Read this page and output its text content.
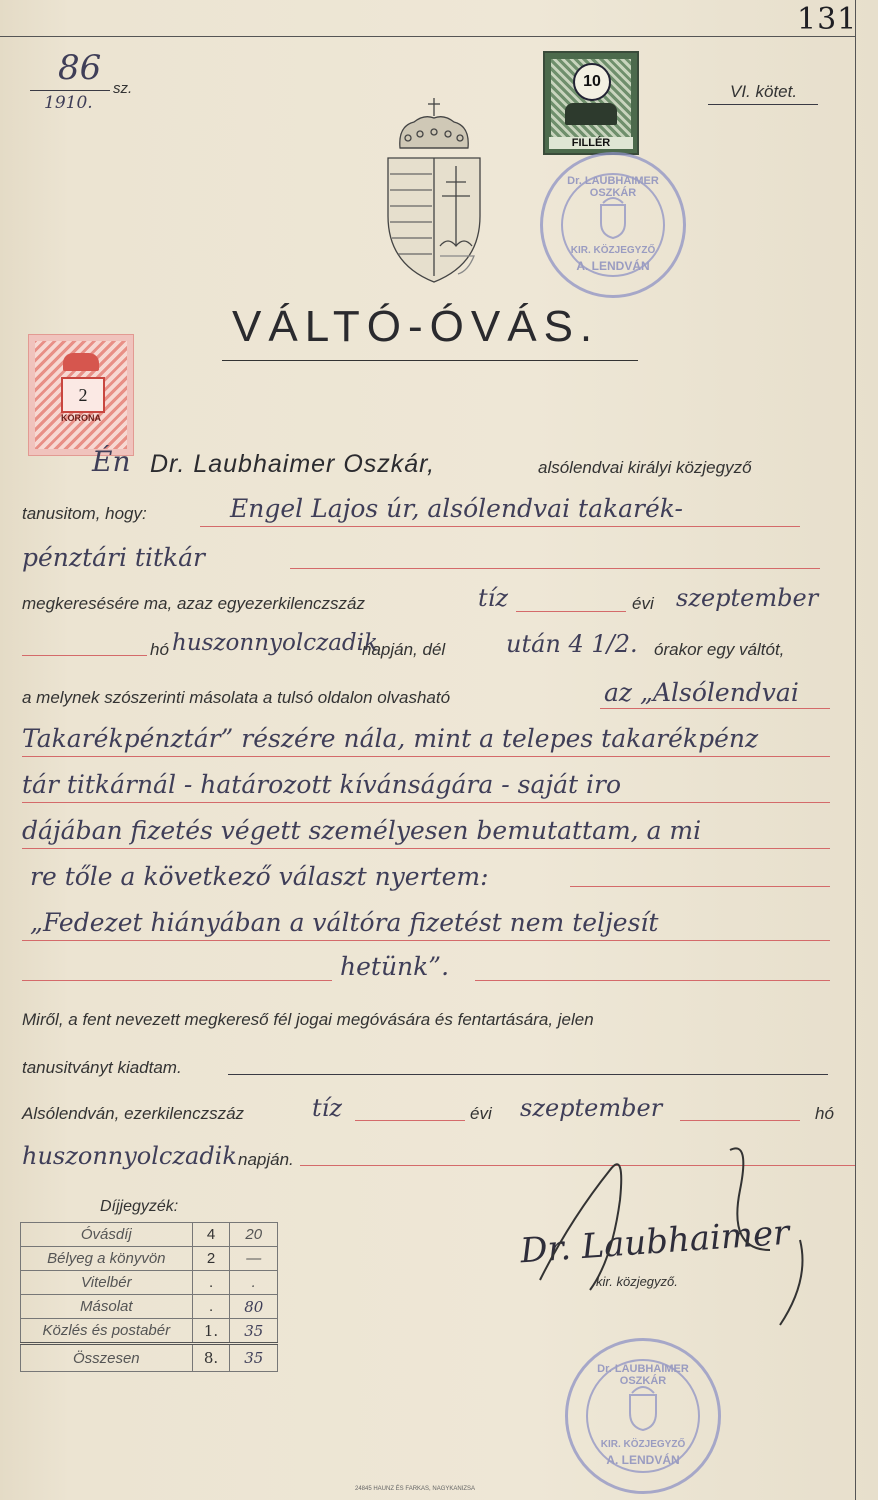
131
86
sz.
1910.
VI. kötet.
10
FILLÉR
Dr. LAUBHAIMER OSZKÁR
KIR. KÖZJEGYZŐ
A. LENDVÁN
2
KORONA
VÁLTÓ-ÓVÁS.
Én Dr. Laubhaimer Oszkár,	alsólendvai királyi közjegyző
tanusitom, hogy:	Engel Lajos úr, alsólendvai takarék-
pénztári titkár
megkeresésére ma, azaz egyezerkilenczszáz	tíz	évi szeptember
hó huszonnyolczadik
napján, dél	után 4 1/2. órakor egy váltót,
a melynek szószerinti másolata a tulsó oldalon olvasható	az „Alsólendvai
Takarékpénztár” részére nála, mint a telepes takarékpénz
tár titkárnál - határozott kívánságára - saját iro
dájában fizetés végett személyesen bemutattam, a mi
re tőle a következő választ nyertem:
„Fedezet hiányában a váltóra fizetést nem teljesít
hetünk”.
Miről, a fent nevezett megkereső fél jogai megóvására és fentartására, jelen
tanusitványt kiadtam.
Alsólendván, ezerkilenczszáz	tíz	évi szeptember	hó
huszonnyolczadik napján.
Díjjegyzék:
Óvásdíj	4	20
Bélyeg a könyvön	2	—
Vitelbér	.	.
Másolat	.	80
Közlés és postabér	1.	35
Összesen	8.	35
Dr. Laubhaimer
kir. közjegyző.
Dr. LAUBHAIMER OSZKÁR
KIR. KÖZJEGYZŐ
A. LENDVÁN
24845 HAUNZ ÉS FARKAS, NAGYKANIZSA
